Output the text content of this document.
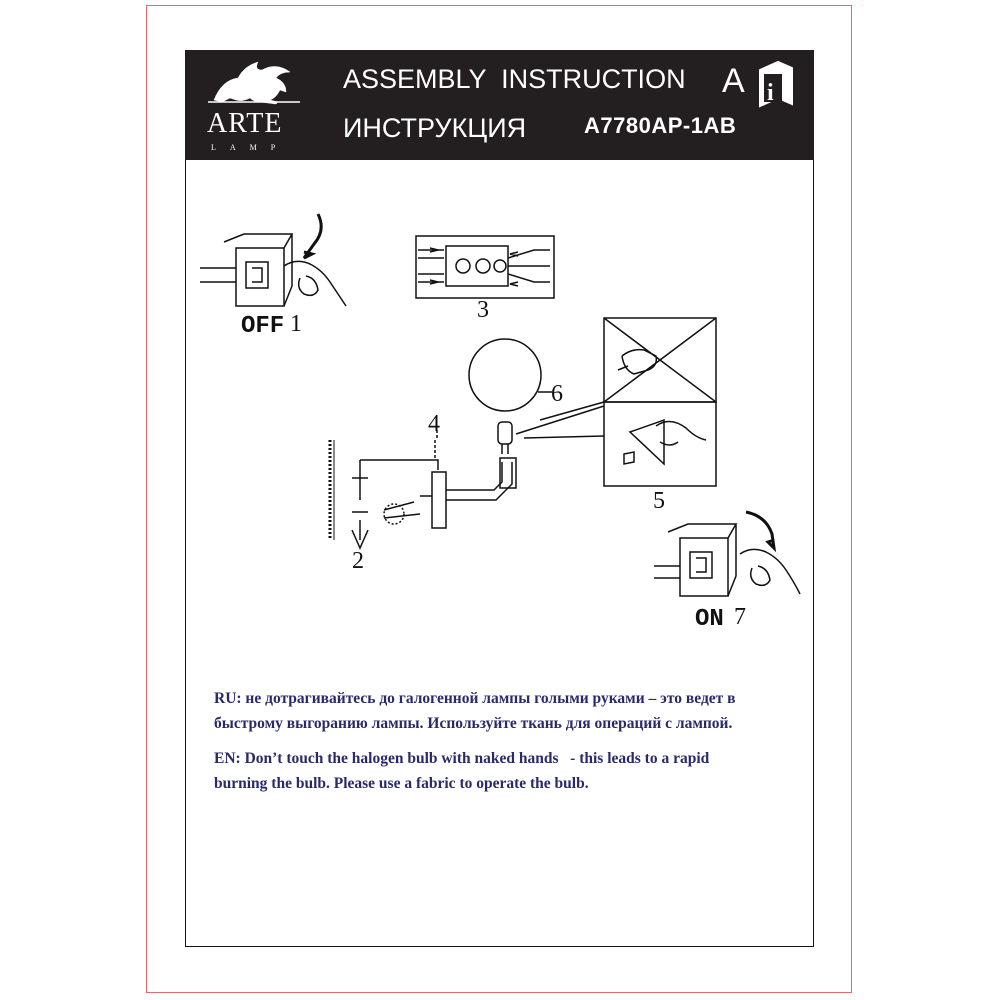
i
ARTE
LAMP
ASSEMBLY  INSTRUCTION
ИНСТРУКЦИЯ	A7780AP-1AB
A
OFF 1
2
3
4
5
6
ON 7
RU: не дотрагивайтесь до галогенной лампы голыми руками – это ведет в
быстрому выгоранию лампы. Используйте ткань для операций с лампой.
EN: Don’t touch the halogen bulb with naked hands   - this leads to a rapid
burning the bulb. Please use a fabric to operate the bulb.
